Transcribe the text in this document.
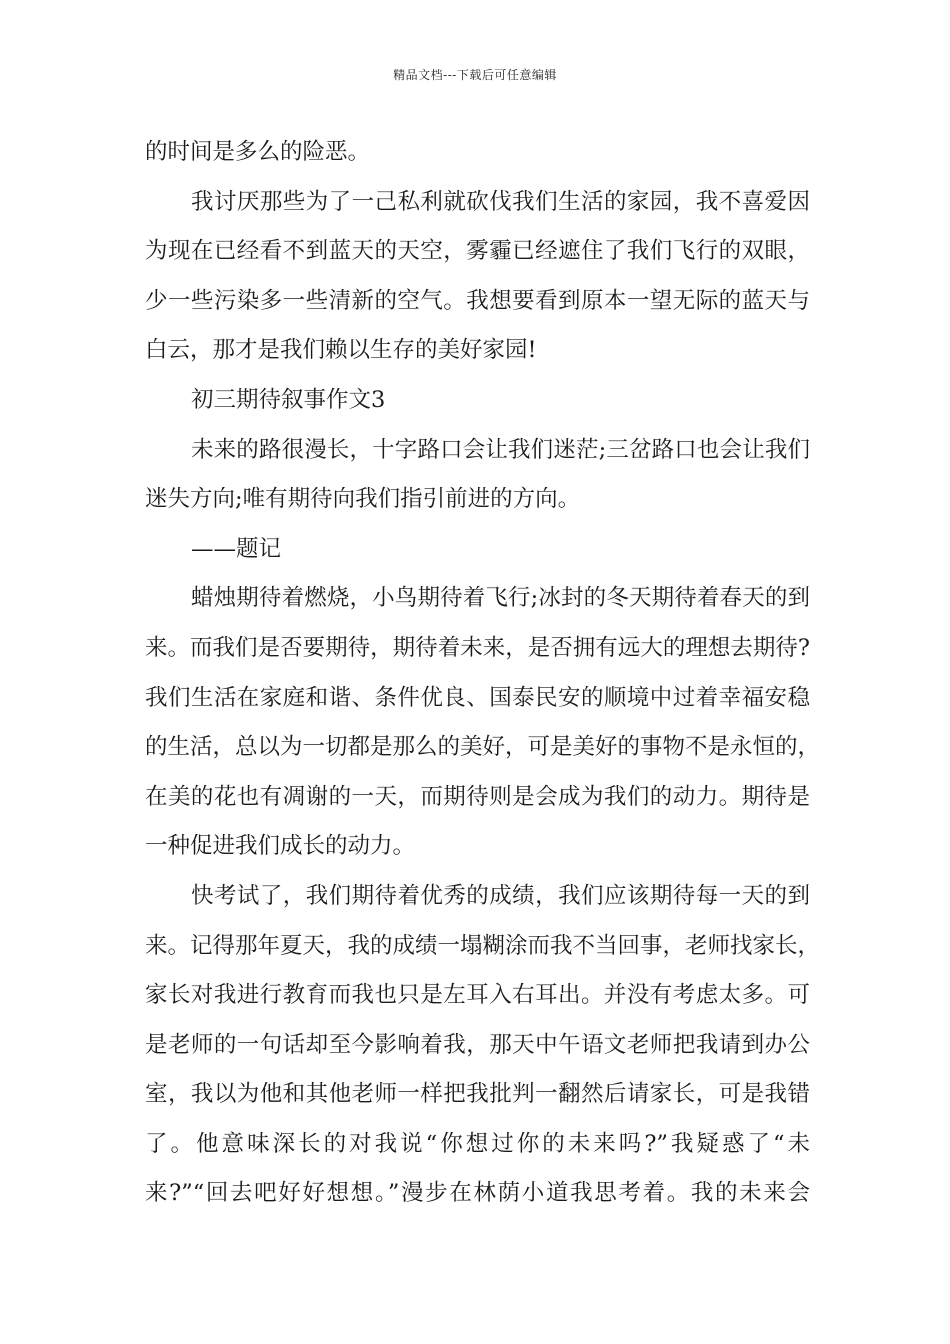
精品文档---下载后可任意编辑
的时间是多么的险恶。
我讨厌那些为了一己私利就砍伐我们生活的家园，我不喜爱因
为现在已经看不到蓝天的天空，雾霾已经遮住了我们飞行的双眼，
少一些污染多一些清新的空气。我想要看到原本一望无际的蓝天与
白云，那才是我们赖以生存的美好家园!
初三期待叙事作文3
未来的路很漫长，十字路口会让我们迷茫;三岔路口也会让我们
迷失方向;唯有期待向我们指引前进的方向。
——题记
蜡烛期待着燃烧，小鸟期待着飞行;冰封的冬天期待着春天的到
来。而我们是否要期待，期待着未来，是否拥有远大的理想去期待?
我们生活在家庭和谐、条件优良、国泰民安的顺境中过着幸福安稳
的生活，总以为一切都是那么的美好，可是美好的事物不是永恒的，
在美的花也有凋谢的一天，而期待则是会成为我们的动力。期待是
一种促进我们成长的动力。
快考试了，我们期待着优秀的成绩，我们应该期待每一天的到
来。记得那年夏天，我的成绩一塌糊涂而我不当回事，老师找家长，
家长对我进行教育而我也只是左耳入右耳出。并没有考虑太多。可
是老师的一句话却至今影响着我，那天中午语文老师把我请到办公
室，我以为他和其他老师一样把我批判一翻然后请家长，可是我错
了。他意味深长的对我说“你想过你的未来吗?”我疑惑了“未
来?”“回去吧好好想想。”漫步在林荫小道我思考着。我的未来会
